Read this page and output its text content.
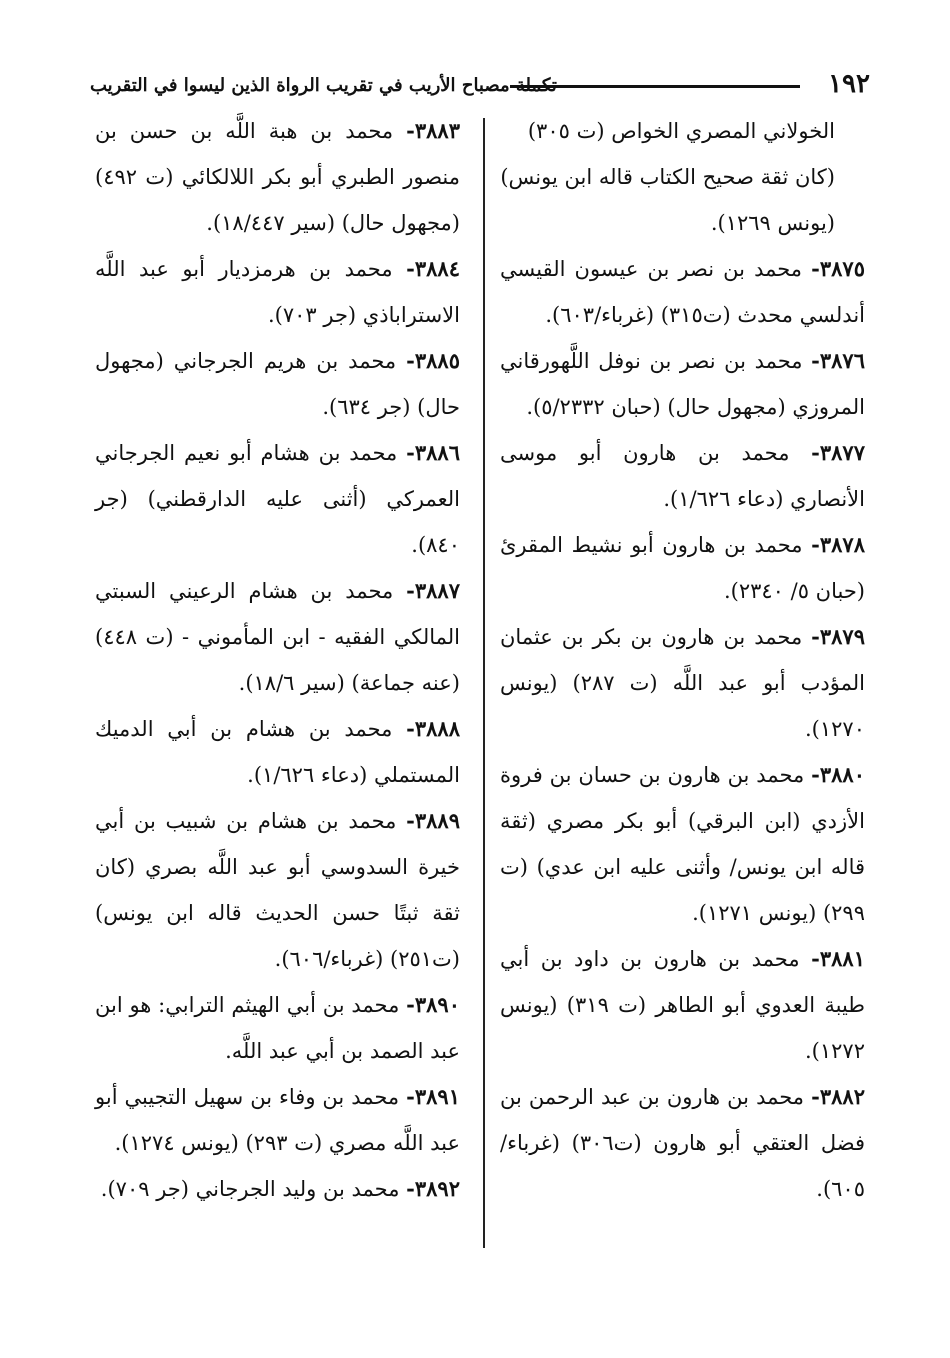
١٩٢
تكملة مصباح الأريب في تقريب الرواة الذين ليسوا في التقريب

الخولاني المصري الخواص (ت ٣٠٥) (كان ثقة صحيح الكتاب قاله ابن يونس) (يونس ١٢٦٩).

٣٨٧٥- محمد بن نصر بن عيسون القيسي أندلسي محدث (ت٣١٥) (غرباء/٦٠٣).

٣٨٧٦- محمد بن نصر بن نوفل اللَّهورقاني المروزي (مجهول حال) (حبان ٥/٢٣٣٢).

٣٨٧٧- محمد بن هارون أبو موسى الأنصاري (دعاء ١/٦٢٦).

٣٨٧٨- محمد بن هارون أبو نشيط المقرئ (حبان ٥/ ٢٣٤٠).

٣٨٧٩- محمد بن هارون بن بكر بن عثمان المؤدب أبو عبد اللَّه (ت ٢٨٧) (يونس ١٢٧٠).

٣٨٨٠- محمد بن هارون بن حسان بن فروة الأزدي (ابن البرقي) أبو بكر مصري (ثقة قاله ابن يونس/ وأثنى عليه ابن عدي) (ت ٢٩٩) (يونس ١٢٧١).

٣٨٨١- محمد بن هارون بن داود بن أبي طيبة العدوي أبو الطاهر (ت ٣١٩) (يونس ١٢٧٢).

٣٨٨٢- محمد بن هارون بن عبد الرحمن بن فضل العتقي أبو هارون (ت٣٠٦) (غرباء/٦٠٥).

٣٨٨٣- محمد بن هبة اللَّه بن حسن بن منصور الطبري أبو بكر اللالكائي (ت ٤٩٢) (مجهول حال) (سير ١٨/٤٤٧).

٣٨٨٤- محمد بن هرمزديار أبو عبد اللَّه الاستراباذي (جر ٧٠٣).

٣٨٨٥- محمد بن هريم الجرجاني (مجهول حال) (جر ٦٣٤).

٣٨٨٦- محمد بن هشام أبو نعيم الجرجاني العمركي (أثنى عليه الدارقطني) (جر ٨٤٠).

٣٨٨٧- محمد بن هشام الرعيني السبتي المالكي الفقيه - ابن المأموني - (ت ٤٤٨) (عنه جماعة) (سير ١٨/٦).

٣٨٨٨- محمد بن هشام بن أبي الدميك المستملي (دعاء ١/٦٢٦).

٣٨٨٩- محمد بن هشام بن شبيب بن أبي خيرة السدوسي أبو عبد اللَّه بصري (كان ثقة ثبتًا حسن الحديث قاله ابن يونس) (ت٢٥١) (غرباء/٦٠٦).

٣٨٩٠- محمد بن أبي الهيثم الترابي: هو ابن عبد الصمد بن أبي عبد اللَّه.

٣٨٩١- محمد بن وفاء بن سهيل التجيبي أبو عبد اللَّه مصري (ت ٢٩٣) (يونس ١٢٧٤).

٣٨٩٢- محمد بن وليد الجرجاني (جر ٧٠٩).
